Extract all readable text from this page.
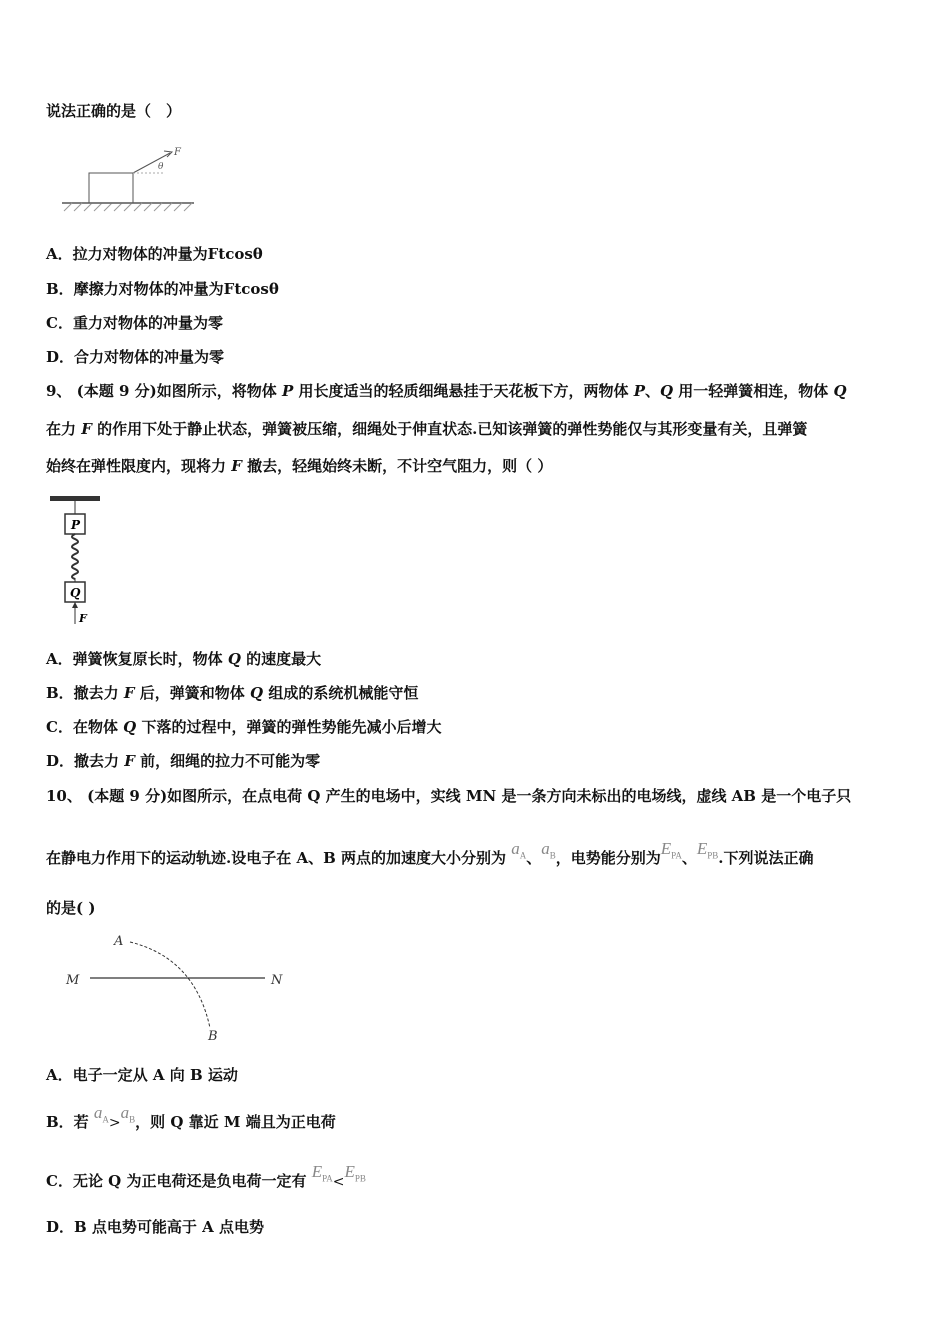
说法正确的是（　）
F
θ
A．拉力对物体的冲量为Ftcosθ
B．摩擦力对物体的冲量为Ftcosθ
C．重力对物体的冲量为零
D．合力对物体的冲量为零
9、 (本题 9 分)如图所示，将物体 P 用长度适当的轻质细绳悬挂于天花板下方，两物体 P、Q 用一轻弹簧相连，物体 Q
在力 F 的作用下处于静止状态，弹簧被压缩，细绳处于伸直状态.已知该弹簧的弹性势能仅与其形变量有关，且弹簧
始终在弹性限度内，现将力 F 撤去，轻绳始终未断，不计空气阻力，则（ ）
P
Q
F
A．弹簧恢复原长时，物体 Q 的速度最大
B．撤去力 F 后，弹簧和物体 Q 组成的系统机械能守恒
C．在物体 Q 下落的过程中，弹簧的弹性势能先减小后增大
D．撤去力 F 前，细绳的拉力不可能为零
10、 (本题 9 分)如图所示，在点电荷 Q 产生的电场中，实线 MN 是一条方向未标出的电场线，虚线 AB 是一个电子只
在静电力作用下的运动轨迹.设电子在 A、B 两点的加速度大小分别为 $a_A$、$a_B$，电势能分别为$E_{PA}$、$E_{PB}$.下列说法正确
的是( )
A
B
M	N
A．电子一定从 A 向 B 运动
B．若 $a_A>a_B$，则 Q 靠近 M 端且为正电荷
C．无论 Q 为正电荷还是负电荷一定有 $E_{PA}<E_{PB}$
D．B 点电势可能高于 A 点电势
